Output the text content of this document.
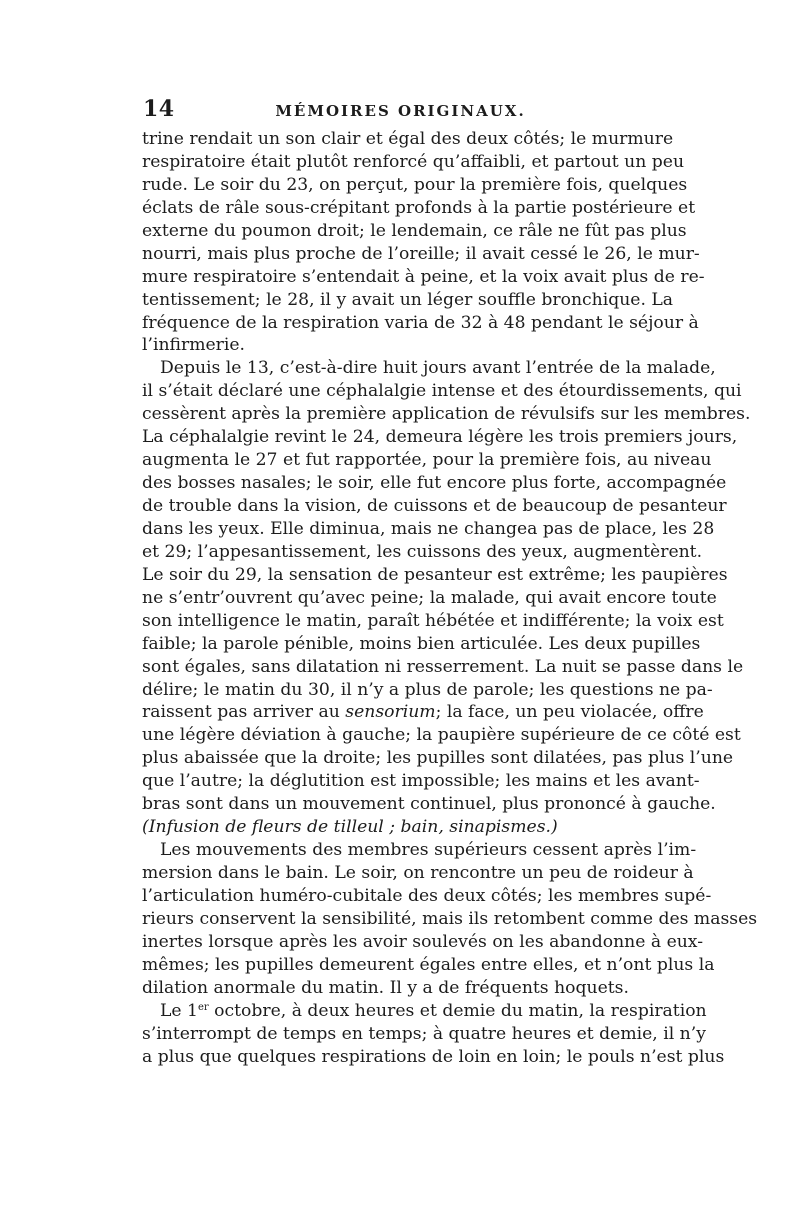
14	MÉMOIRES ORIGINAUX.
trine rendait un son clair et égal des deux côtés; le murmure
respiratoire était plutôt renforcé qu’affaibli, et partout un peu
rude. Le soir du 23, on perçut, pour la première fois, quelques
éclats de râle sous-crépitant profonds à la partie postérieure et
externe du poumon droit; le lendemain, ce râle ne fût pas plus
nourri, mais plus proche de l’oreille; il avait cessé le 26, le mur-
mure respiratoire s’entendait à peine, et la voix avait plus de re-
tentissement; le 28, il y avait un léger souffle bronchique. La
fréquence de la respiration varia de 32 à 48 pendant le séjour à
l’infirmerie.
Depuis le 13, c’est-à-dire huit jours avant l’entrée de la malade,
il s’était déclaré une céphalalgie intense et des étourdissements, qui
cessèrent après la première application de révulsifs sur les membres.
La céphalalgie revint le 24, demeura légère les trois premiers jours,
augmenta le 27 et fut rapportée, pour la première fois, au niveau
des bosses nasales; le soir, elle fut encore plus forte, accompagnée
de trouble dans la vision, de cuissons et de beaucoup de pesanteur
dans les yeux. Elle diminua, mais ne changea pas de place, les 28
et 29; l’appesantissement, les cuissons des yeux, augmentèrent.
Le soir du 29, la sensation de pesanteur est extrême; les paupières
ne s’entr’ouvrent qu’avec peine; la malade, qui avait encore toute
son intelligence le matin, paraît hébétée et indifférente; la voix est
faible; la parole pénible, moins bien articulée. Les deux pupilles
sont égales, sans dilatation ni resserrement. La nuit se passe dans le
délire; le matin du 30, il n’y a plus de parole; les questions ne pa-
raissent pas arriver au sensorium; la face, un peu violacée, offre
une légère déviation à gauche; la paupière supérieure de ce côté est
plus abaissée que la droite; les pupilles sont dilatées, pas plus l’une
que l’autre; la déglutition est impossible; les mains et les avant-
bras sont dans un mouvement continuel, plus prononcé à gauche.
(Infusion de fleurs de tilleul ; bain, sinapismes.)
Les mouvements des membres supérieurs cessent après l’im-
mersion dans le bain. Le soir, on rencontre un peu de roideur à
l’articulation huméro-cubitale des deux côtés; les membres supé-
rieurs conservent la sensibilité, mais ils retombent comme des masses
inertes lorsque après les avoir soulevés on les abandonne à eux-
mêmes; les pupilles demeurent égales entre elles, et n’ont plus la
dilation anormale du matin. Il y a de fréquents hoquets.
Le 1er octobre, à deux heures et demie du matin, la respiration
s’interrompt de temps en temps; à quatre heures et demie, il n’y
a plus que quelques respirations de loin en loin; le pouls n’est plus
